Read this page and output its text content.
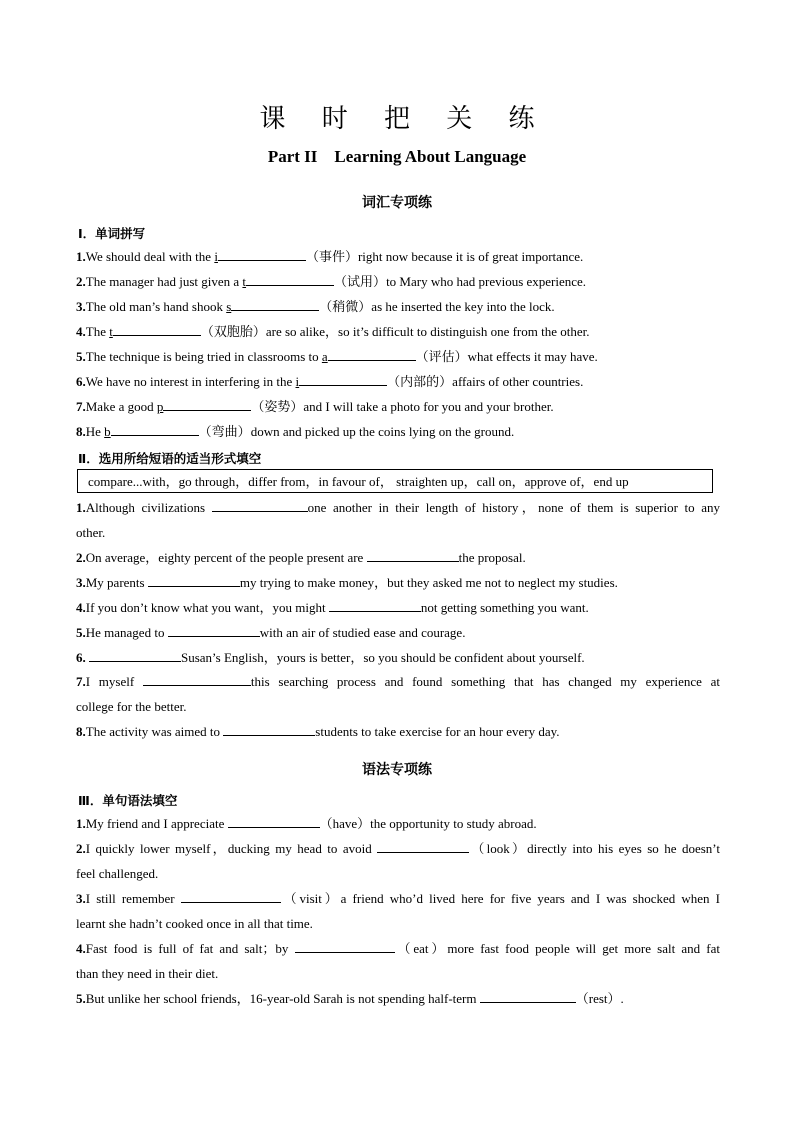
课 时 把 关 练
Part II    Learning About Language
词汇专项练
Ⅰ．单词拼写
1.We should deal with the i	（事件）right now because it is of great importance.
2.The manager had just given a t	（试用）to Mary who had previous experience.
3.The old man’s hand shook s	（稍微）as he inserted the key into the lock.
4.The t	（双胞胎）are so alike，so it’s difficult to distinguish one from the other.
5.The technique is being tried in classrooms to a	（评估）what effects it may have.
6.We have no interest in interfering in the i	（内部的）affairs of other countries.
7.Make a good p	（姿势）and I will take a photo for you and your brother.
8.He b	（弯曲）down and picked up the coins lying on the ground.
Ⅱ．选用所给短语的适当形式填空
compare...with，go through，differ from，in favour of， straighten up，call on，approve of，end up
1.Although civilizations	one another in their length of history，none of them is superior to any
other.
2.On average，eighty percent of the people present are	the proposal.
3.My parents	my trying to make money，but they asked me not to neglect my studies.
4.If you don’t know what you want，you might	not getting something you want.
5.He managed to	with an air of studied ease and courage.
6.	Susan’s English，yours is better，so you should be confident about yourself.
7.I myself	this searching process and found something that has changed my experience at
college for the better.
8.The activity was aimed to	students to take exercise for an hour every day.
语法专项练
Ⅲ．单句语法填空
1.My friend and I appreciate	（have）the opportunity to study abroad.
2.I quickly lower myself，ducking my head to avoid	（look）directly into his eyes so he doesn’t
feel challenged.
3.I still remember	（visit）a friend who’d lived here for five years and I was shocked when I
learnt she hadn’t cooked once in all that time.
4.Fast food is full of fat and salt；by	（eat）more fast food people will get more salt and fat
than they need in their diet.
5.But unlike her school friends，16-year-old Sarah is not spending half-term	（rest）.
